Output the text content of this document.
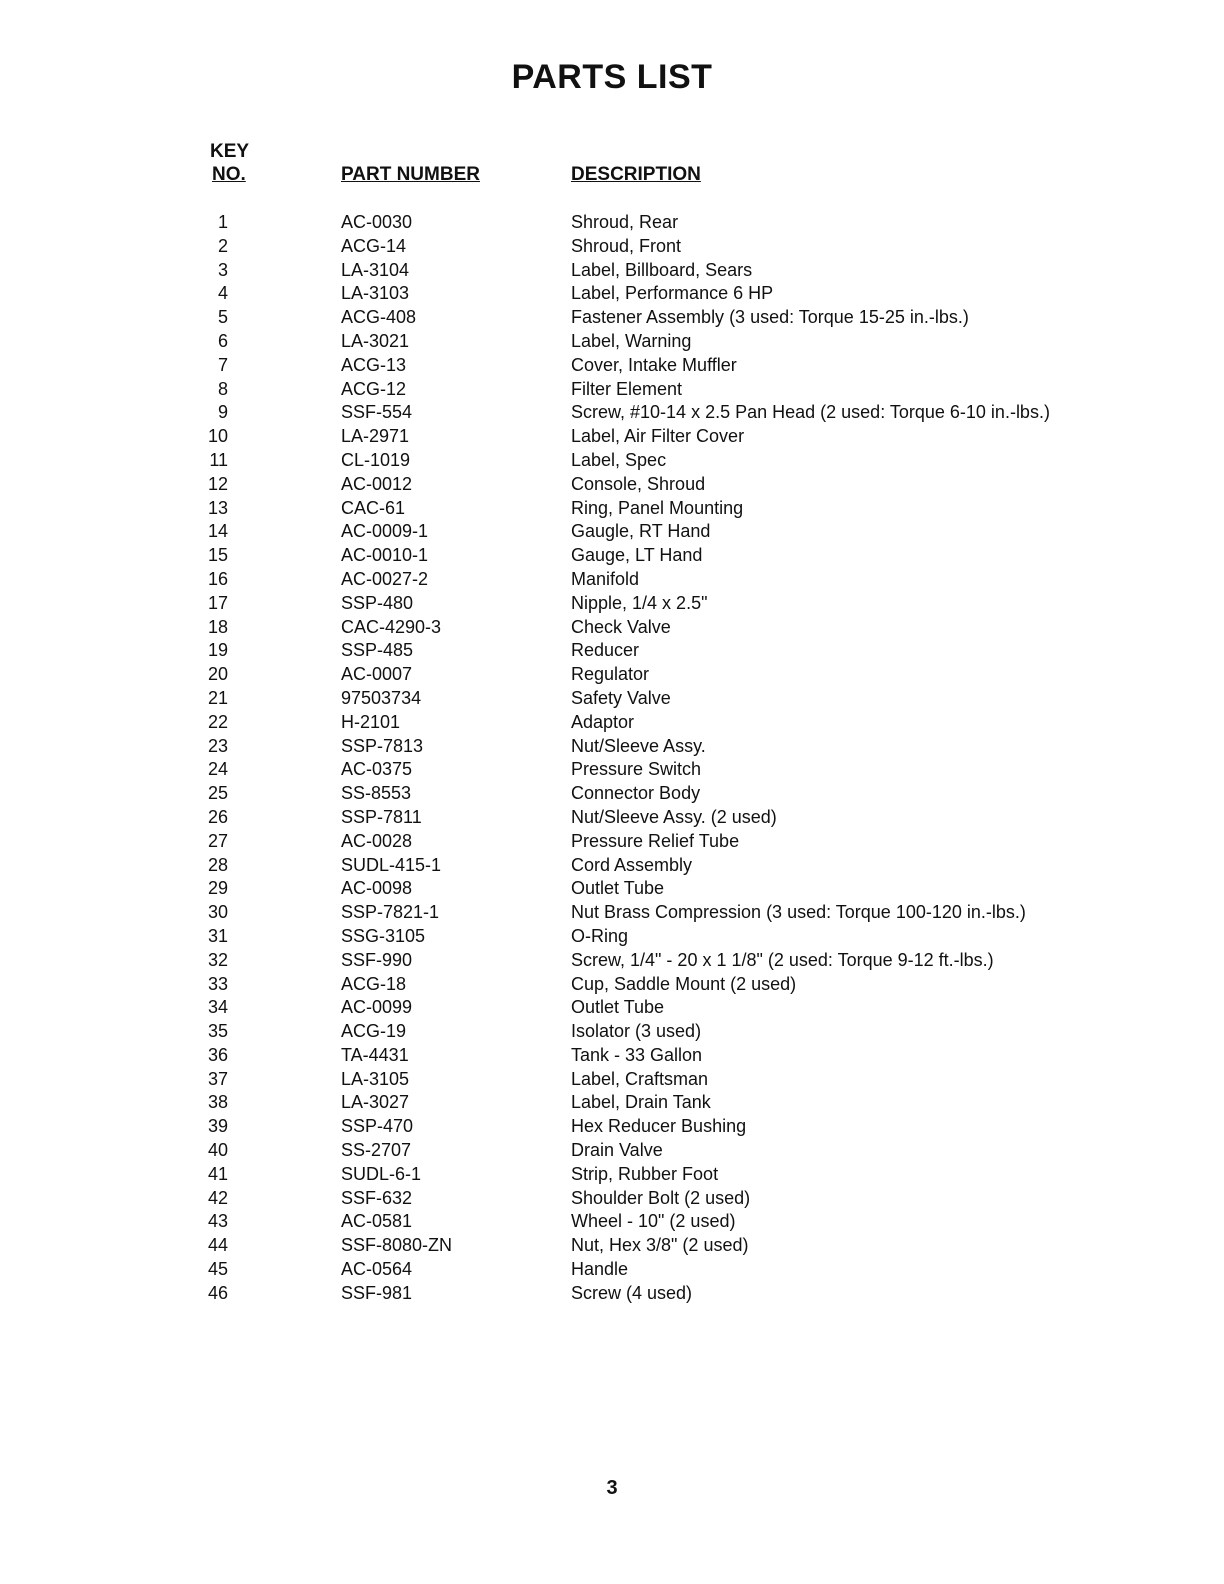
PARTS LIST
KEY
NO.	PART NUMBER	DESCRIPTION
1	AC-0030	Shroud, Rear
2	ACG-14	Shroud, Front
3	LA-3104	Label, Billboard, Sears
4	LA-3103	Label, Performance 6 HP
5	ACG-408	Fastener Assembly (3 used: Torque 15-25 in.-lbs.)
6	LA-3021	Label, Warning
7	ACG-13	Cover, Intake Muffler
8	ACG-12	Filter Element
9	SSF-554	Screw, #10-14 x 2.5 Pan Head (2 used: Torque 6-10 in.-lbs.)
10	LA-2971	Label, Air Filter Cover
11	CL-1019	Label, Spec
12	AC-0012	Console, Shroud
13	CAC-61	Ring, Panel Mounting
14	AC-0009-1	Gaugle, RT Hand
15	AC-0010-1	Gauge, LT Hand
16	AC-0027-2	Manifold
17	SSP-480	Nipple, 1/4 x 2.5"
18	CAC-4290-3	Check Valve
19	SSP-485	Reducer
20	AC-0007	Regulator
21	97503734	Safety Valve
22	H-2101	Adaptor
23	SSP-7813	Nut/Sleeve Assy.
24	AC-0375	Pressure Switch
25	SS-8553	Connector Body
26	SSP-7811	Nut/Sleeve Assy. (2 used)
27	AC-0028	Pressure Relief Tube
28	SUDL-415-1	Cord Assembly
29	AC-0098	Outlet Tube
30	SSP-7821-1	Nut Brass Compression (3 used: Torque 100-120 in.-lbs.)
31	SSG-3105	O-Ring
32	SSF-990	Screw, 1/4" - 20 x 1 1/8" (2 used: Torque 9-12 ft.-lbs.)
33	ACG-18	Cup, Saddle Mount (2 used)
34	AC-0099	Outlet Tube
35	ACG-19	Isolator (3 used)
36	TA-4431	Tank - 33 Gallon
37	LA-3105	Label, Craftsman
38	LA-3027	Label, Drain Tank
39	SSP-470	Hex Reducer Bushing
40	SS-2707	Drain Valve
41	SUDL-6-1	Strip, Rubber Foot
42	SSF-632	Shoulder Bolt (2 used)
43	AC-0581	Wheel - 10" (2 used)
44	SSF-8080-ZN	Nut, Hex 3/8" (2 used)
45	AC-0564	Handle
46	SSF-981	Screw (4 used)
3
